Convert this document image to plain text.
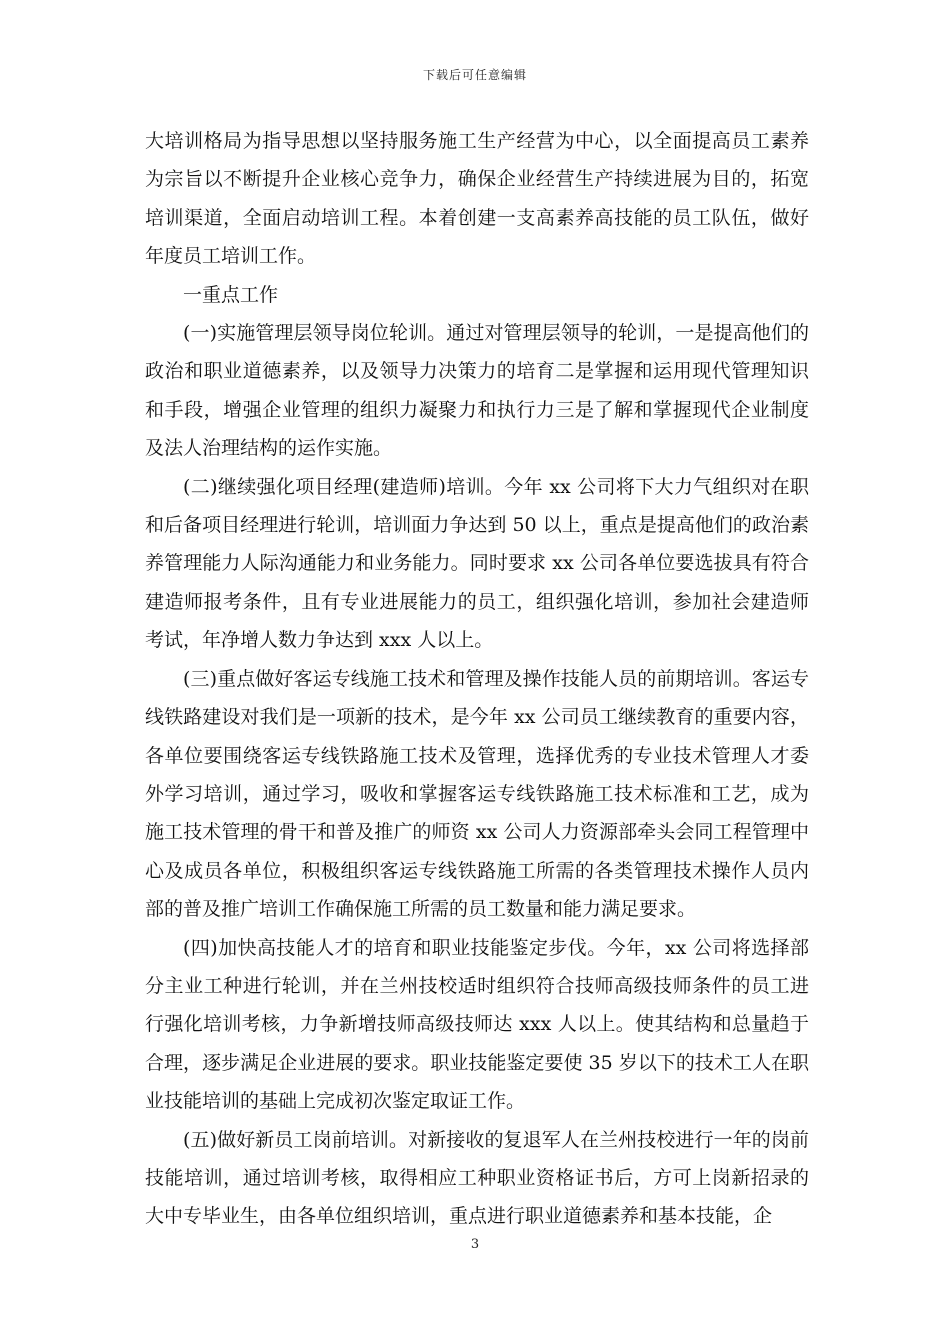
下载后可任意编辑

大培训格局为指导思想以坚持服务施工生产经营为中心，以全面提高员工素养为宗旨以不断提升企业核心竞争力，确保企业经营生产持续进展为目的，拓宽培训渠道，全面启动培训工程。本着创建一支高素养高技能的员工队伍，做好年度员工培训工作。

一重点工作

(一)实施管理层领导岗位轮训。通过对管理层领导的轮训，一是提高他们的政治和职业道德素养，以及领导力决策力的培育二是掌握和运用现代管理知识和手段，增强企业管理的组织力凝聚力和执行力三是了解和掌握现代企业制度及法人治理结构的运作实施。

(二)继续强化项目经理(建造师)培训。今年 xx 公司将下大力气组织对在职和后备项目经理进行轮训，培训面力争达到 50 以上，重点是提高他们的政治素养管理能力人际沟通能力和业务能力。同时要求 xx 公司各单位要选拔具有符合建造师报考条件，且有专业进展能力的员工，组织强化培训，参加社会建造师考试，年净增人数力争达到 xxx 人以上。

(三)重点做好客运专线施工技术和管理及操作技能人员的前期培训。客运专线铁路建设对我们是一项新的技术，是今年 xx 公司员工继续教育的重要内容，各单位要围绕客运专线铁路施工技术及管理，选择优秀的专业技术管理人才委外学习培训，通过学习，吸收和掌握客运专线铁路施工技术标准和工艺，成为施工技术管理的骨干和普及推广的师资 xx 公司人力资源部牵头会同工程管理中心及成员各单位，积极组织客运专线铁路施工所需的各类管理技术操作人员内部的普及推广培训工作确保施工所需的员工数量和能力满足要求。

(四)加快高技能人才的培育和职业技能鉴定步伐。今年，xx 公司将选择部分主业工种进行轮训，并在兰州技校适时组织符合技师高级技师条件的员工进行强化培训考核，力争新增技师高级技师达 xxx 人以上。使其结构和总量趋于合理，逐步满足企业进展的要求。职业技能鉴定要使 35 岁以下的技术工人在职业技能培训的基础上完成初次鉴定取证工作。

(五)做好新员工岗前培训。对新接收的复退军人在兰州技校进行一年的岗前技能培训，通过培训考核，取得相应工种职业资格证书后，方可上岗新招录的大中专毕业生，由各单位组织培训，重点进行职业道德素养和基本技能，企

3
